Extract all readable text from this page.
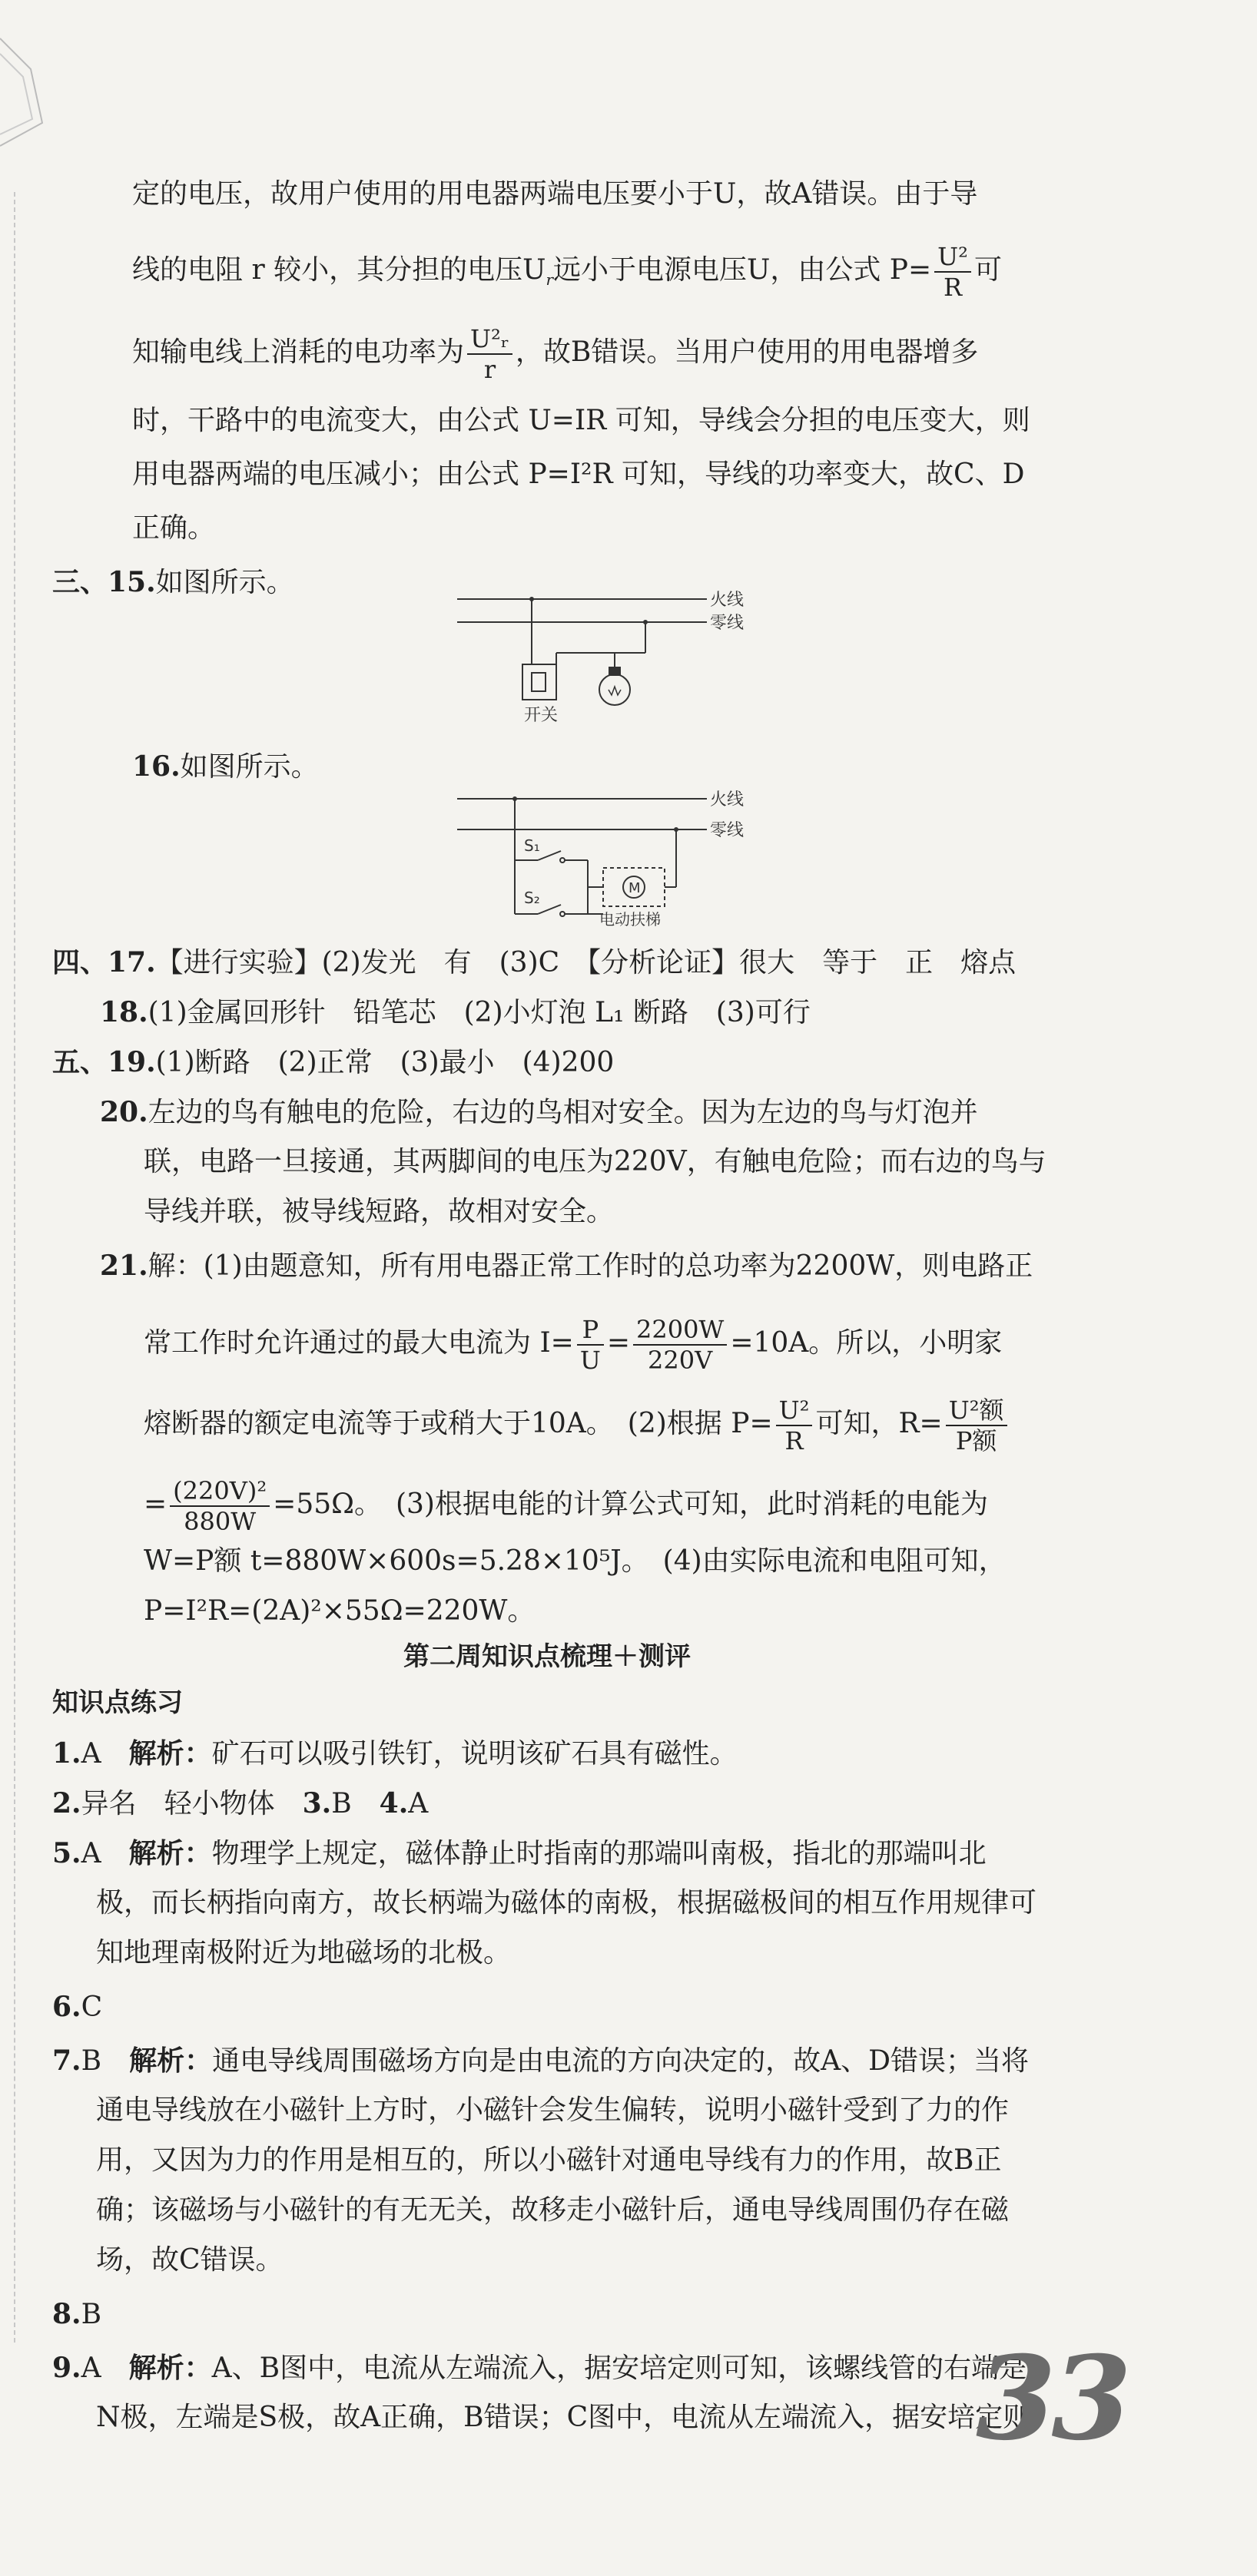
定的电压，故用户使用的用电器两端电压要小于U，故A错误。由于导
线的电阻 r 较小，其分担的电压$U_r$远小于电源电压U，由公式 $P= \frac{\text{U²}}{R}$ 可
知输电线上消耗的电功率为 $\frac{\text{U²ᵣ}}{r}$ ，故B错误。当用户使用的用电器增多
时，干路中的电流变大，由公式 U=IR 可知，导线会分担的电压变大，则
用电器两端的电压减小；由公式 P=I²R 可知，导线的功率变大，故C、D
正确。
三、15.如图所示。
火线
零线
开关
16.如图所示。
火线
零线
S₁
S₂
M
电动扶梯
四、17.【进行实验】(2)发光　有　(3)C　【分析论证】很大　等于　正　熔点
18.(1)金属回形针　铅笔芯　(2)小灯泡 L₁ 断路　(3)可行
五、19.(1)断路　(2)正常　(3)最小　(4)200
20.左边的鸟有触电的危险，右边的鸟相对安全。因为左边的鸟与灯泡并
联，电路一旦接通，其两脚间的电压为220V，有触电危险；而右边的鸟与
导线并联，被导线短路，故相对安全。
21.解：(1)由题意知，所有用电器正常工作时的总功率为2200W，则电路正
常工作时允许通过的最大电流为 $I= \frac{P}{U} = \frac{2200W}{220V} =10A$。所以，小明家
熔断器的额定电流等于或稍大于10A。　(2)根据 $P= \frac{\text{U²}}{R}$ 可知，$R= \frac{\text{U²额}}{\text{P额}}$
= $\frac{\text{(220V)²}}{880W} =55\Omega$。　(3)根据电能的计算公式可知，此时消耗的电能为
W=P额 t=880W×600s=5.28×10⁵J。　(4)由实际电流和电阻可知，
P=I²R=(2A)²×55Ω=220W。
第二周知识点梳理＋测评
知识点练习
1.A　解析：矿石可以吸引铁钉，说明该矿石具有磁性。
2.异名　轻小物体　3.B　4.A
5.A　解析：物理学上规定，磁体静止时指南的那端叫南极，指北的那端叫北
极，而长柄指向南方，故长柄端为磁体的南极，根据磁极间的相互作用规律可
知地理南极附近为地磁场的北极。
6.C
7.B　解析：通电导线周围磁场方向是由电流的方向决定的，故A、D错误；当将
通电导线放在小磁针上方时，小磁针会发生偏转，说明小磁针受到了力的作
用，又因为力的作用是相互的，所以小磁针对通电导线有力的作用，故B正
确；该磁场与小磁针的有无无关，故移走小磁针后，通电导线周围仍存在磁
场，故C错误。
8.B
9.A　解析：A、B图中，电流从左端流入，据安培定则可知，该螺线管的右端是
N极，左端是S极，故A正确，B错误；C图中，电流从左端流入，据安培定则
33
